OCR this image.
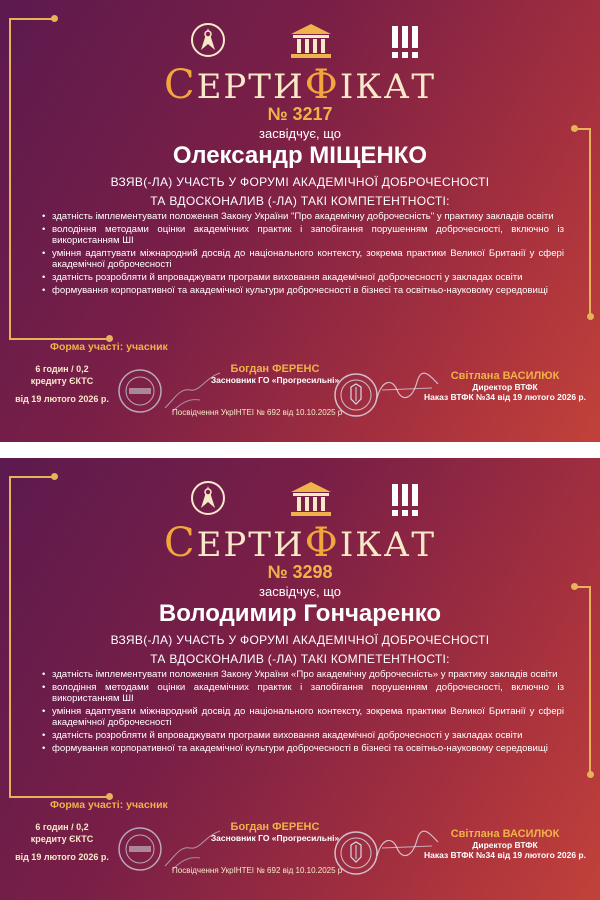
СЕРТИФІКАТ
№ 3217
засвідчує, що
Олександр МІЩЕНКО
ВЗЯВ(-ЛА) УЧАСТЬ У ФОРУМІ АКАДЕМІЧНОЇ ДОБРОЧЕСНОСТІ
ТА ВДОСКОНАЛИВ (-ЛА) ТАКІ КОМПЕТЕНТНОСТІ:
• здатність імплементувати положення Закону України "Про академічну доброчесність" у практику закладів освіти
• володіння методами оцінки академічних практик і запобігання порушенням доброчесності, включно із використанням ШІ
• уміння адаптувати міжнародний досвід до національного контексту, зокрема практики Великої Британії у сфері академічної доброчесності
• здатність розробляти й впроваджувати програми виховання академічної доброчесності у закладах освіти
• формування корпоративної та академічної культури доброчесності в бізнесі та освітньо-науковому середовищі
Форма участі: учасник
6 годин / 0,2
кредиту ЄКТС
від 19 лютого 2026 р.
Богдан ФЕРЕНС
Засновник ГО «Прогресильні»	Світлана ВАСИЛЮК
Директор ВТФК
Наказ ВТФК №34 від 19 лютого 2026 р.
Посвідчення УкрІНТЕІ № 692 від 10.10.2025 р
СЕРТИФІКАТ
№ 3298
засвідчує, що
Володимир Гончаренко
ВЗЯВ(-ЛА) УЧАСТЬ У ФОРУМІ АКАДЕМІЧНОЇ ДОБРОЧЕСНОСТІ
ТА ВДОСКОНАЛИВ (-ЛА) ТАКІ КОМПЕТЕНТНОСТІ:
• здатність імплементувати положення Закону України «Про академічну доброчесність» у практику закладів освіти
• володіння методами оцінки академічних практик і запобігання порушенням доброчесності, включно із використанням ШІ
• уміння адаптувати міжнародний досвід до національного контексту, зокрема практики Великої Британії у сфері академічної доброчесності
• здатність розробляти й впроваджувати програми виховання академічної доброчесності у закладах освіти
• формування корпоративної та академічної культури доброчесності в бізнесі та освітньо-науковому середовищі
Форма участі: учасник
6 годин / 0,2
кредиту ЄКТС
від 19 лютого 2026 р.
Богдан ФЕРЕНС
Засновник ГО «Прогресильні»	Світлана ВАСИЛЮК
Директор ВТФК
Наказ ВТФК №34 від 19 лютого 2026 р.
Посвідчення УкрІНТЕІ № 692 від 10.10.2025 р
